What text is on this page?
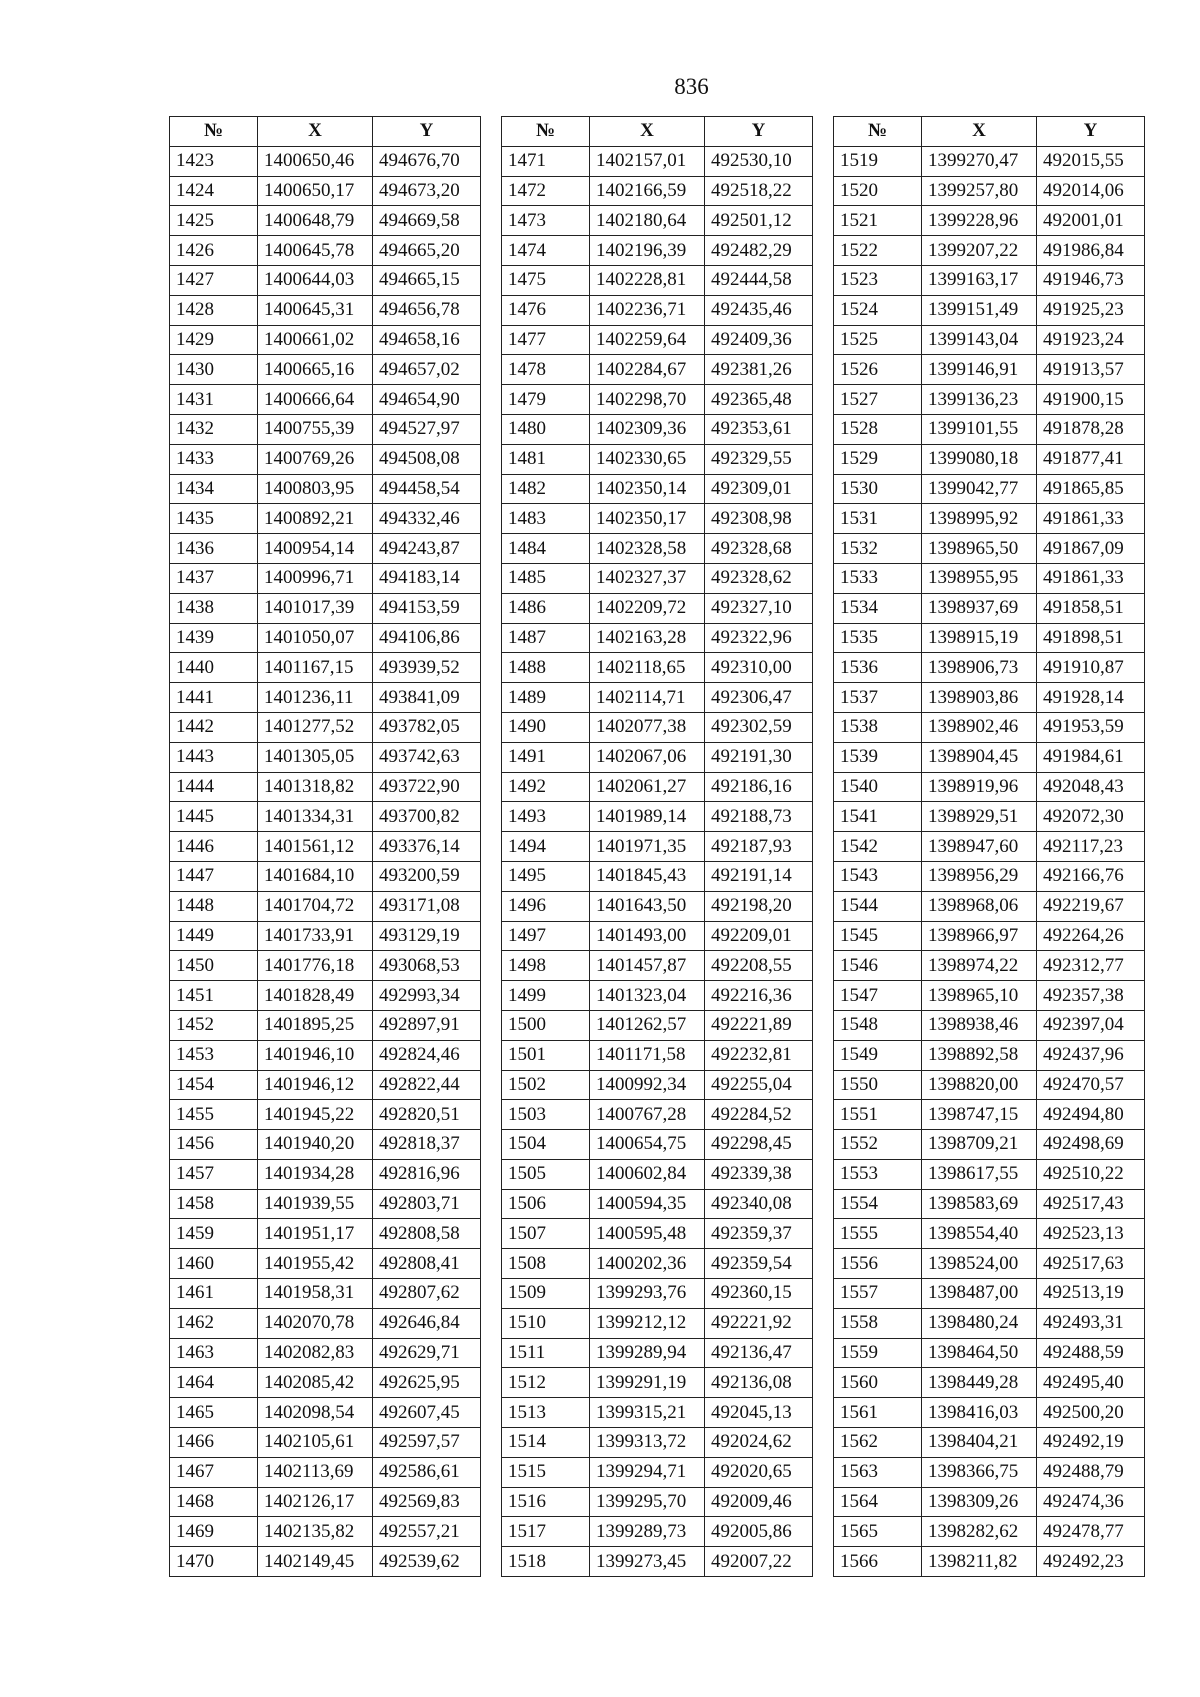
836
№	X	Y
1423	1400650,46	494676,70
1424	1400650,17	494673,20
1425	1400648,79	494669,58
1426	1400645,78	494665,20
1427	1400644,03	494665,15
1428	1400645,31	494656,78
1429	1400661,02	494658,16
1430	1400665,16	494657,02
1431	1400666,64	494654,90
1432	1400755,39	494527,97
1433	1400769,26	494508,08
1434	1400803,95	494458,54
1435	1400892,21	494332,46
1436	1400954,14	494243,87
1437	1400996,71	494183,14
1438	1401017,39	494153,59
1439	1401050,07	494106,86
1440	1401167,15	493939,52
1441	1401236,11	493841,09
1442	1401277,52	493782,05
1443	1401305,05	493742,63
1444	1401318,82	493722,90
1445	1401334,31	493700,82
1446	1401561,12	493376,14
1447	1401684,10	493200,59
1448	1401704,72	493171,08
1449	1401733,91	493129,19
1450	1401776,18	493068,53
1451	1401828,49	492993,34
1452	1401895,25	492897,91
1453	1401946,10	492824,46
1454	1401946,12	492822,44
1455	1401945,22	492820,51
1456	1401940,20	492818,37
1457	1401934,28	492816,96
1458	1401939,55	492803,71
1459	1401951,17	492808,58
1460	1401955,42	492808,41
1461	1401958,31	492807,62
1462	1402070,78	492646,84
1463	1402082,83	492629,71
1464	1402085,42	492625,95
1465	1402098,54	492607,45
1466	1402105,61	492597,57
1467	1402113,69	492586,61
1468	1402126,17	492569,83
1469	1402135,82	492557,21
1470	1402149,45	492539,62
№	X	Y
1471	1402157,01	492530,10
1472	1402166,59	492518,22
1473	1402180,64	492501,12
1474	1402196,39	492482,29
1475	1402228,81	492444,58
1476	1402236,71	492435,46
1477	1402259,64	492409,36
1478	1402284,67	492381,26
1479	1402298,70	492365,48
1480	1402309,36	492353,61
1481	1402330,65	492329,55
1482	1402350,14	492309,01
1483	1402350,17	492308,98
1484	1402328,58	492328,68
1485	1402327,37	492328,62
1486	1402209,72	492327,10
1487	1402163,28	492322,96
1488	1402118,65	492310,00
1489	1402114,71	492306,47
1490	1402077,38	492302,59
1491	1402067,06	492191,30
1492	1402061,27	492186,16
1493	1401989,14	492188,73
1494	1401971,35	492187,93
1495	1401845,43	492191,14
1496	1401643,50	492198,20
1497	1401493,00	492209,01
1498	1401457,87	492208,55
1499	1401323,04	492216,36
1500	1401262,57	492221,89
1501	1401171,58	492232,81
1502	1400992,34	492255,04
1503	1400767,28	492284,52
1504	1400654,75	492298,45
1505	1400602,84	492339,38
1506	1400594,35	492340,08
1507	1400595,48	492359,37
1508	1400202,36	492359,54
1509	1399293,76	492360,15
1510	1399212,12	492221,92
1511	1399289,94	492136,47
1512	1399291,19	492136,08
1513	1399315,21	492045,13
1514	1399313,72	492024,62
1515	1399294,71	492020,65
1516	1399295,70	492009,46
1517	1399289,73	492005,86
1518	1399273,45	492007,22
№	X	Y
1519	1399270,47	492015,55
1520	1399257,80	492014,06
1521	1399228,96	492001,01
1522	1399207,22	491986,84
1523	1399163,17	491946,73
1524	1399151,49	491925,23
1525	1399143,04	491923,24
1526	1399146,91	491913,57
1527	1399136,23	491900,15
1528	1399101,55	491878,28
1529	1399080,18	491877,41
1530	1399042,77	491865,85
1531	1398995,92	491861,33
1532	1398965,50	491867,09
1533	1398955,95	491861,33
1534	1398937,69	491858,51
1535	1398915,19	491898,51
1536	1398906,73	491910,87
1537	1398903,86	491928,14
1538	1398902,46	491953,59
1539	1398904,45	491984,61
1540	1398919,96	492048,43
1541	1398929,51	492072,30
1542	1398947,60	492117,23
1543	1398956,29	492166,76
1544	1398968,06	492219,67
1545	1398966,97	492264,26
1546	1398974,22	492312,77
1547	1398965,10	492357,38
1548	1398938,46	492397,04
1549	1398892,58	492437,96
1550	1398820,00	492470,57
1551	1398747,15	492494,80
1552	1398709,21	492498,69
1553	1398617,55	492510,22
1554	1398583,69	492517,43
1555	1398554,40	492523,13
1556	1398524,00	492517,63
1557	1398487,00	492513,19
1558	1398480,24	492493,31
1559	1398464,50	492488,59
1560	1398449,28	492495,40
1561	1398416,03	492500,20
1562	1398404,21	492492,19
1563	1398366,75	492488,79
1564	1398309,26	492474,36
1565	1398282,62	492478,77
1566	1398211,82	492492,23
